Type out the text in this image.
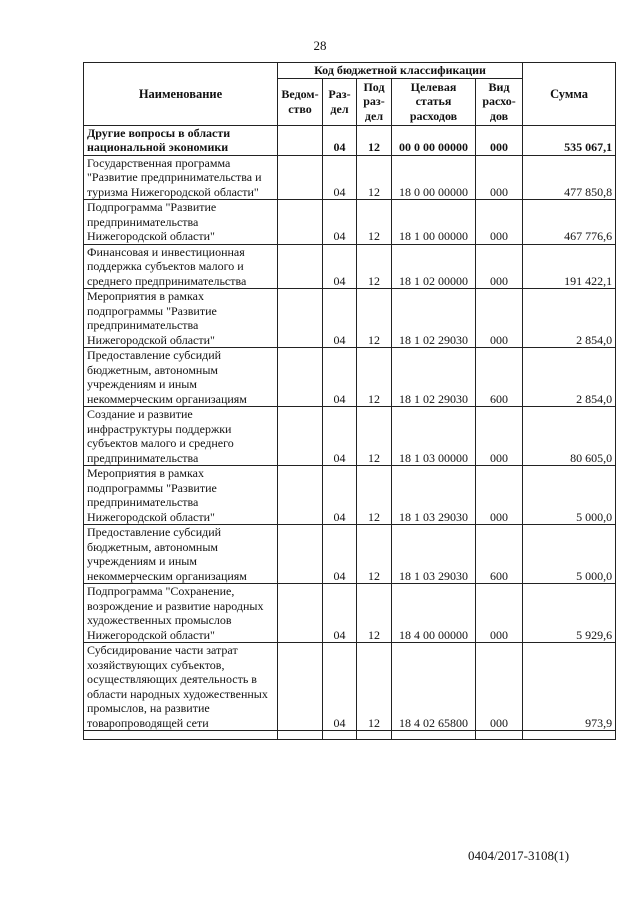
28
Наименование	Код бюджетной классификации					Сумма
	Ведом-ство	Раз-дел	Под раз-дел	Целевая статья расходов	Вид расхо-дов	
Другие вопросы в области национальной экономики		04	12	00 0 00 00000	000	535 067,1
Государственная программа "Развитие предпринимательства и туризма Нижегородской области"		04	12	18 0 00 00000	000	477 850,8
Подпрограмма "Развитие предпринимательства Нижегородской области"		04	12	18 1 00 00000	000	467 776,6
Финансовая и инвестиционная поддержка субъектов малого и среднего предпринимательства		04	12	18 1 02 00000	000	191 422,1
Мероприятия в рамках подпрограммы "Развитие предпринимательства Нижегородской области"		04	12	18 1 02 29030	000	2 854,0
Предоставление субсидий бюджетным, автономным учреждениям и иным некоммерческим организациям		04	12	18 1 02 29030	600	2 854,0
Создание и развитие инфраструктуры поддержки субъектов малого и среднего предпринимательства		04	12	18 1 03 00000	000	80 605,0
Мероприятия в рамках подпрограммы "Развитие предпринимательства Нижегородской области"		04	12	18 1 03 29030	000	5 000,0
Предоставление субсидий бюджетным, автономным учреждениям и иным некоммерческим организациям		04	12	18 1 03 29030	600	5 000,0
Подпрограмма "Сохранение, возрождение и развитие народных художественных промыслов Нижегородской области"		04	12	18 4 00 00000	000	5 929,6
Субсидирование части затрат хозяйствующих субъектов, осуществляющих деятельность в области народных художественных промыслов, на развитие товаропроводящей сети		04	12	18 4 02 65800	000	973,9

0404/2017-3108(1)
